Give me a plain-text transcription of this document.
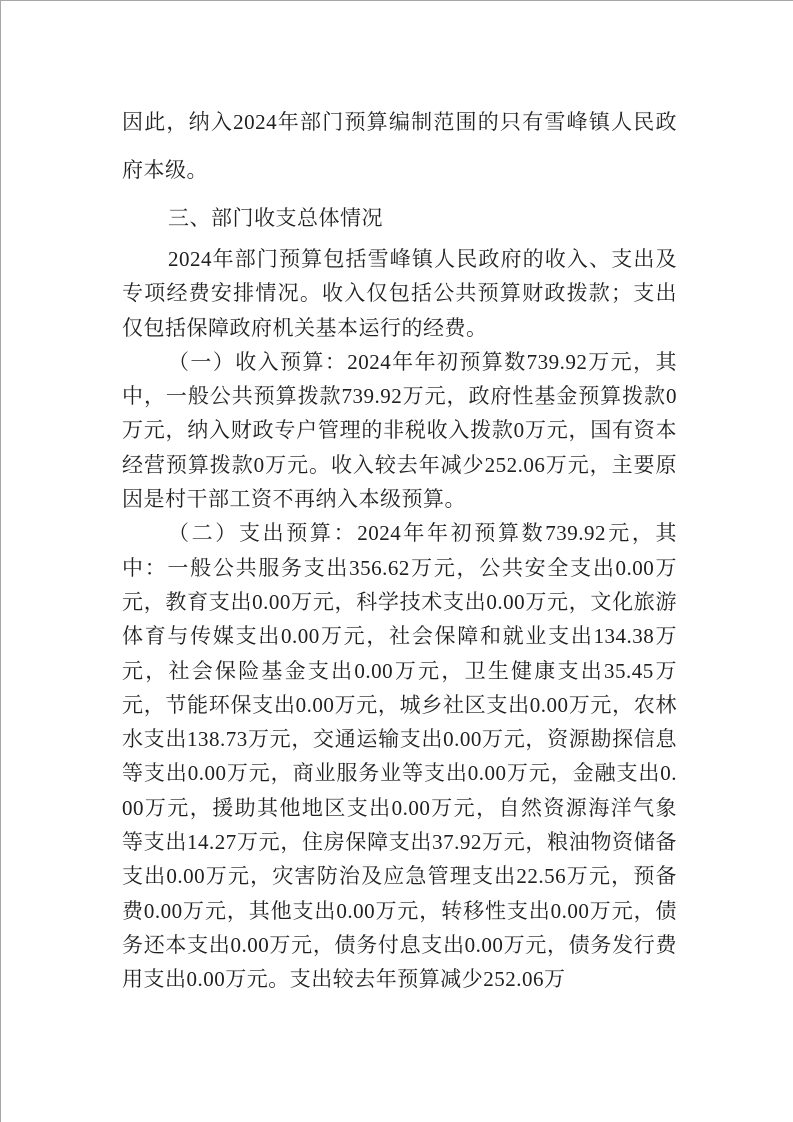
因此，纳入2024年部门预算编制范围的只有雪峰镇人民政府本级。

三、部门收支总体情况

2024年部门预算包括雪峰镇人民政府的收入、支出及专项经费安排情况。收入仅包括公共预算财政拨款；支出仅包括保障政府机关基本运行的经费。

（一）收入预算：2024年年初预算数739.92万元，其中，一般公共预算拨款739.92万元，政府性基金预算拨款0万元，纳入财政专户管理的非税收入拨款0万元，国有资本经营预算拨款0万元。收入较去年减少252.06万元，主要原因是村干部工资不再纳入本级预算。

（二）支出预算：2024年年初预算数739.92元，其中：一般公共服务支出356.62万元，公共安全支出0.00万元，教育支出0.00万元，科学技术支出0.00万元，文化旅游体育与传媒支出0.00万元，社会保障和就业支出134.38万元，社会保险基金支出0.00万元，卫生健康支出35.45万元，节能环保支出0.00万元，城乡社区支出0.00万元，农林水支出138.73万元，交通运输支出0.00万元，资源勘探信息等支出0.00万元，商业服务业等支出0.00万元，金融支出0.00万元，援助其他地区支出0.00万元，自然资源海洋气象等支出14.27万元，住房保障支出37.92万元，粮油物资储备支出0.00万元，灾害防治及应急管理支出22.56万元，预备费0.00万元，其他支出0.00万元，转移性支出0.00万元，债务还本支出0.00万元，债务付息支出0.00万元，债务发行费用支出0.00万元。支出较去年预算减少252.06万
